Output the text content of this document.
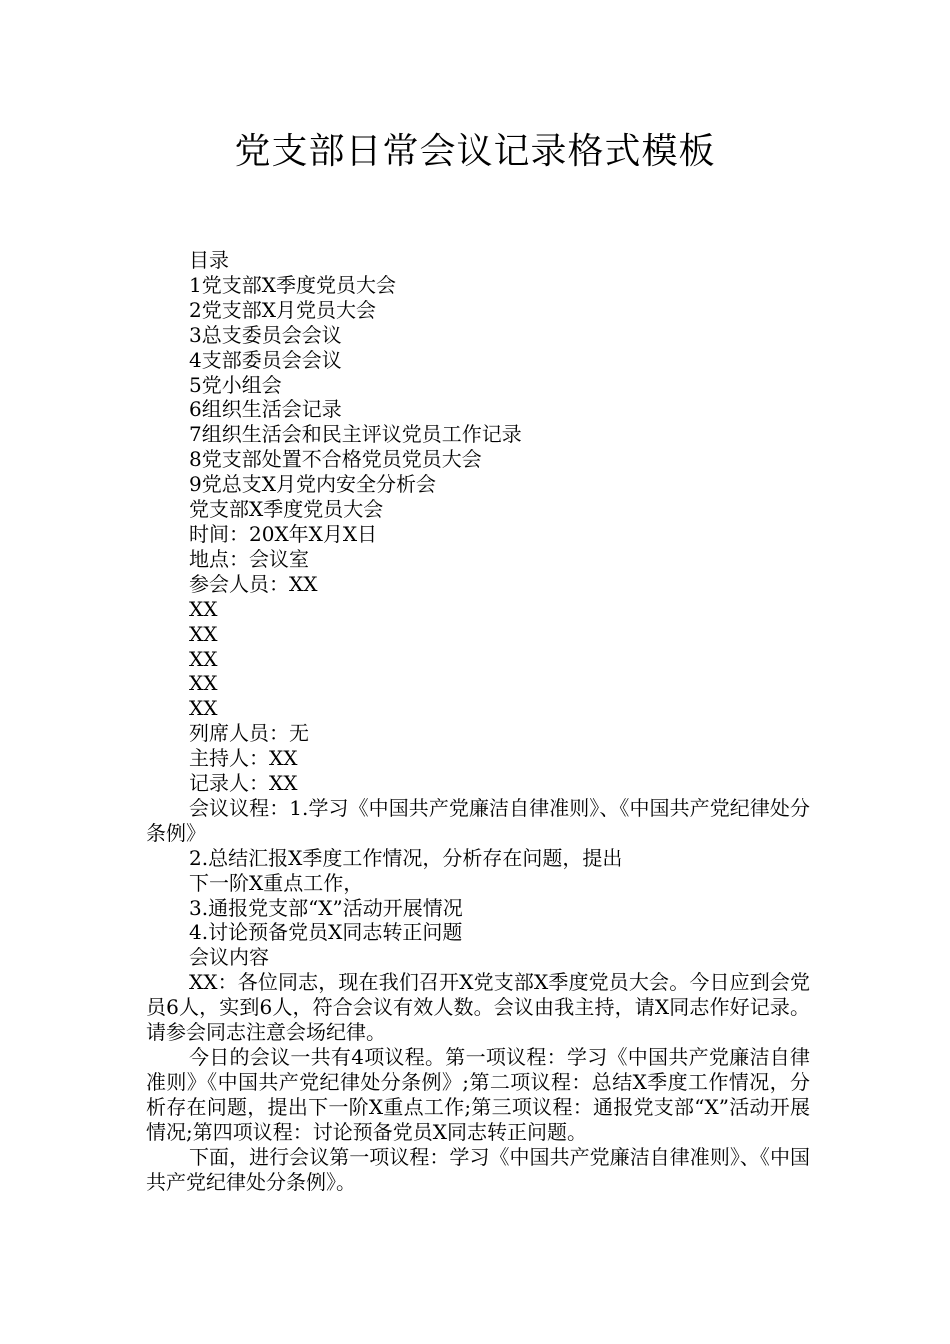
党支部日常会议记录格式模板
目录
1党支部X季度党员大会
2党支部X月党员大会
3总支委员会会议
4支部委员会会议
5党小组会
6组织生活会记录
7组织生活会和民主评议党员工作记录
8党支部处置不合格党员党员大会
9党总支X月党内安全分析会
党支部X季度党员大会
时间：20X年X月X日
地点：会议室
参会人员：XX
XX
XX
XX
XX
XX
列席人员：无
主持人：XX
记录人：XX
会议议程：1.学习《中国共产党廉洁自律准则》、《中国共产党纪律处分条例》
2.总结汇报X季度工作情况，分析存在问题，提出
下一阶X重点工作，
3.通报党支部“X”活动开展情况
4.讨论预备党员X同志转正问题
会议内容
XX：各位同志，现在我们召开X党支部X季度党员大会。今日应到会党员6人，实到6人，符合会议有效人数。会议由我主持，请X同志作好记录。请参会同志注意会场纪律。
今日的会议一共有4项议程。第一项议程：学习《中国共产党廉洁自律准则》《中国共产党纪律处分条例》;第二项议程：总结X季度工作情况，分析存在问题，提出下一阶X重点工作;第三项议程：通报党支部“X”活动开展情况;第四项议程：讨论预备党员X同志转正问题。
下面，进行会议第一项议程：学习《中国共产党廉洁自律准则》、《中国共产党纪律处分条例》。
